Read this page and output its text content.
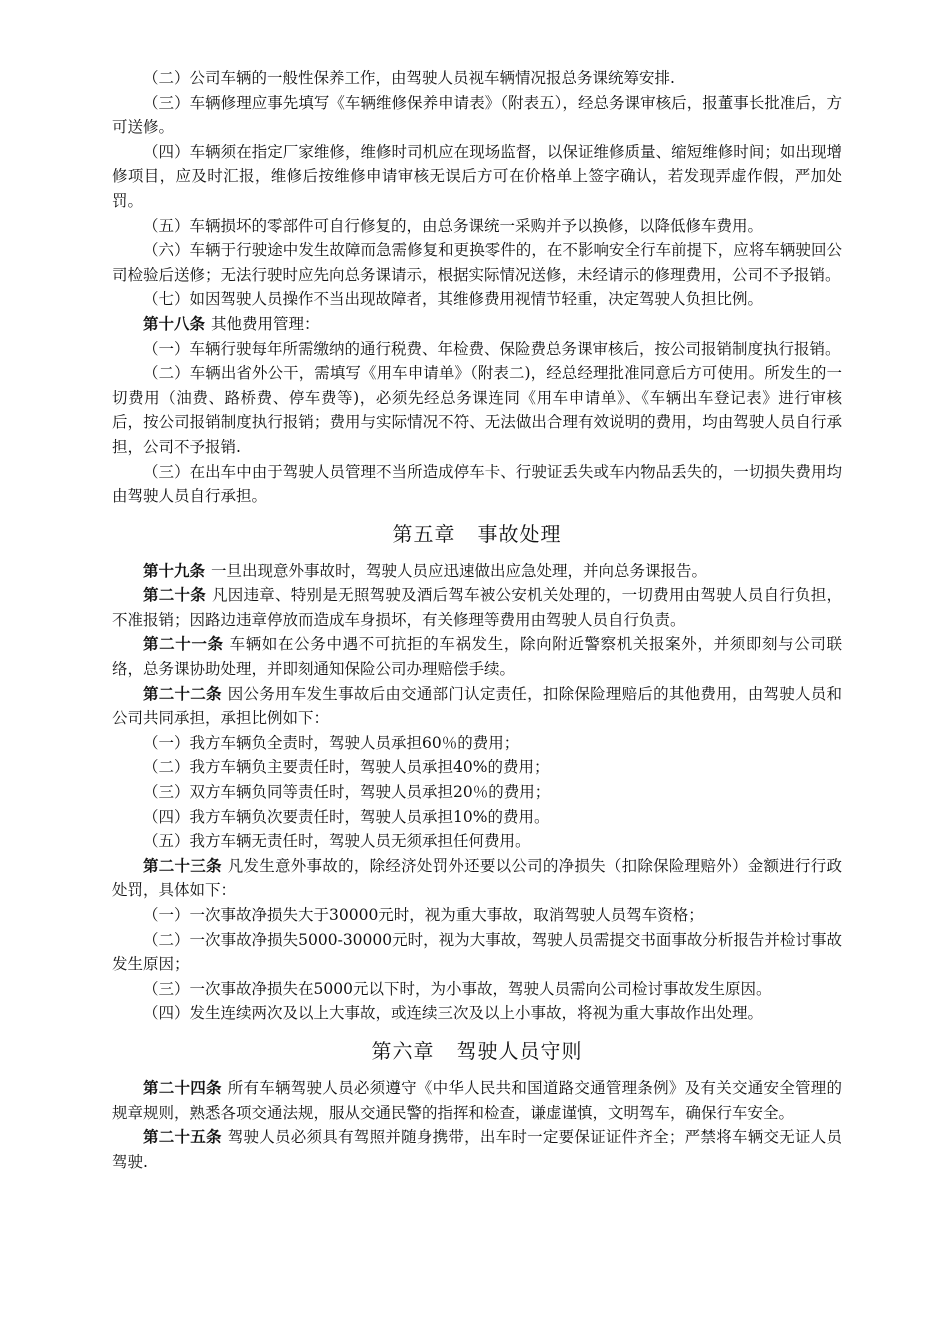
（二）公司车辆的一般性保养工作，由驾驶人员视车辆情况报总务课统筹安排.

（三）车辆修理应事先填写《车辆维修保养申请表》（附表五），经总务课审核后，报董事长批准后，方可送修。

（四）车辆须在指定厂家维修，维修时司机应在现场监督，以保证维修质量、缩短维修时间；如出现增修项目，应及时汇报，维修后按维修申请审核无误后方可在价格单上签字确认，若发现弄虚作假，严加处罚。

（五）车辆损坏的零部件可自行修复的，由总务课统一采购并予以换修，以降低修车费用。

（六）车辆于行驶途中发生故障而急需修复和更换零件的，在不影响安全行车前提下，应将车辆驶回公司检验后送修；无法行驶时应先向总务课请示，根据实际情况送修，未经请示的修理费用，公司不予报销。

（七）如因驾驶人员操作不当出现故障者，其维修费用视情节轻重，决定驾驶人负担比例。

第十八条 其他费用管理：

（一）车辆行驶每年所需缴纳的通行税费、年检费、保险费总务课审核后，按公司报销制度执行报销。

（二）车辆出省外公干，需填写《用车申请单》（附表二)，经总经理批准同意后方可使用。所发生的一切费用（油费、路桥费、停车费等)，必须先经总务课连同《用车申请单》、《车辆出车登记表》进行审核后，按公司报销制度执行报销；费用与实际情况不符、无法做出合理有效说明的费用，均由驾驶人员自行承担，公司不予报销.

（三）在出车中由于驾驶人员管理不当所造成停车卡、行驶证丢失或车内物品丢失的，一切损失费用均由驾驶人员自行承担。

第五章 事故处理

第十九条 一旦出现意外事故时，驾驶人员应迅速做出应急处理，并向总务课报告。

第二十条 凡因违章、特别是无照驾驶及酒后驾车被公安机关处理的，一切费用由驾驶人员自行负担，不准报销；因路边违章停放而造成车身损坏，有关修理等费用由驾驶人员自行负责。

第二十一条 车辆如在公务中遇不可抗拒的车祸发生，除向附近警察机关报案外，并须即刻与公司联络，总务课协助处理，并即刻通知保险公司办理赔偿手续。

第二十二条 因公务用车发生事故后由交通部门认定责任，扣除保险理赔后的其他费用，由驾驶人员和公司共同承担，承担比例如下：

（一）我方车辆负全责时，驾驶人员承担60％的费用；

（二）我方车辆负主要责任时，驾驶人员承担40%的费用；

（三）双方车辆负同等责任时，驾驶人员承担20％的费用；

（四）我方车辆负次要责任时，驾驶人员承担10%的费用。

（五）我方车辆无责任时，驾驶人员无须承担任何费用。

第二十三条 凡发生意外事故的，除经济处罚外还要以公司的净损失（扣除保险理赔外）金额进行行政处罚，具体如下：

（一）一次事故净损失大于30000元时，视为重大事故，取消驾驶人员驾车资格；

（二）一次事故净损失5000-30000元时，视为大事故，驾驶人员需提交书面事故分析报告并检讨事故发生原因；

（三）一次事故净损失在5000元以下时，为小事故，驾驶人员需向公司检讨事故发生原因。

（四）发生连续两次及以上大事故，或连续三次及以上小事故，将视为重大事故作出处理。

第六章 驾驶人员守则

第二十四条 所有车辆驾驶人员必须遵守《中华人民共和国道路交通管理条例》及有关交通安全管理的规章规则，熟悉各项交通法规，服从交通民警的指挥和检查，谦虚谨慎，文明驾车，确保行车安全。

第二十五条 驾驶人员必须具有驾照并随身携带，出车时一定要保证证件齐全；严禁将车辆交无证人员驾驶.
